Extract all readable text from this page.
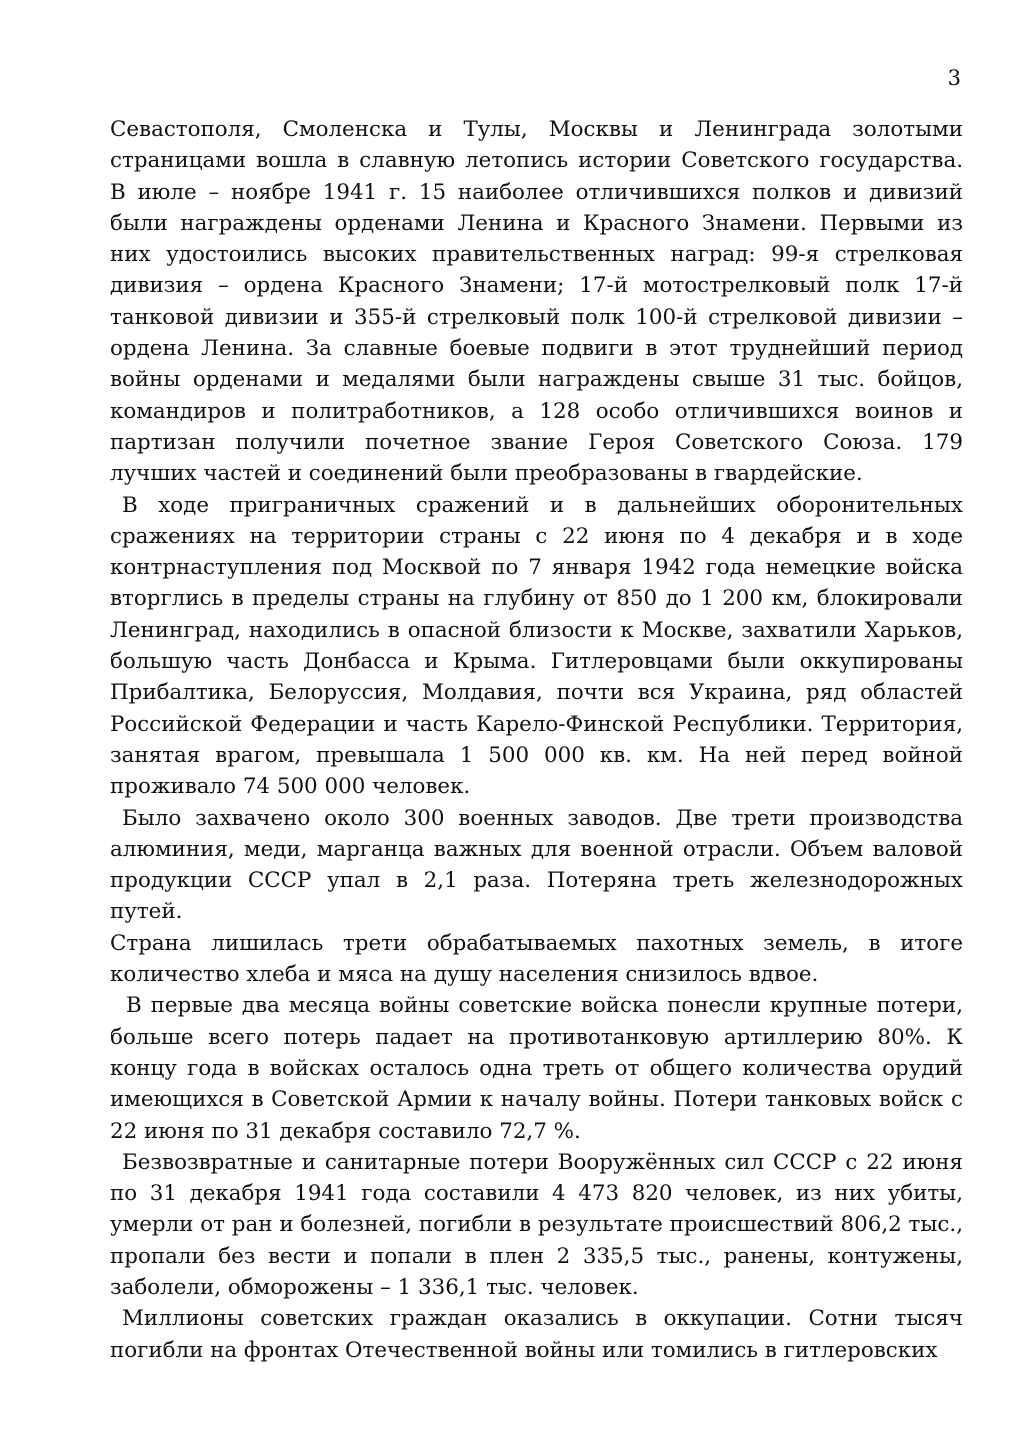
3

Севастополя, Смоленска и Тулы, Москвы и Ленинграда золотыми страницами вошла в славную летопись истории Советского государства. В июле – ноябре 1941 г. 15 наиболее отличившихся полков и дивизий были награждены орденами Ленина и Красного Знамени. Первыми из них удостоились высоких правительственных наград: 99-я стрелковая дивизия – ордена Красного Знамени; 17-й мотострелковый полк 17-й танковой дивизии и 355-й стрелковый полк 100-й стрелковой дивизии – ордена Ленина. За славные боевые подвиги в этот труднейший период войны орденами и медалями были награждены свыше 31 тыс. бойцов, командиров и политработников, а 128 особо отличившихся воинов и партизан получили почетное звание Героя Советского Союза. 179 лучших частей и соединений были преобразованы в гвардейские.

В ходе приграничных сражений и в дальнейших оборонительных сражениях на территории страны с 22 июня по 4 декабря и в ходе контрнаступления под Москвой по 7 января 1942 года немецкие войска вторглись в пределы страны на глубину от 850 до 1 200 км, блокировали Ленинград, находились в опасной близости к Москве, захватили Харьков, большую часть Донбасса и Крыма. Гитлеровцами были оккупированы Прибалтика, Белоруссия, Молдавия, почти вся Украина, ряд областей Российской Федерации и часть Карело-Финской Республики. Территория, занятая врагом, превышала 1 500 000 кв. км. На ней перед войной проживало 74 500 000 человек.

Было захвачено около 300 военных заводов. Две трети производства алюминия, меди, марганца важных для военной отрасли. Объем валовой продукции СССР упал в 2,1 раза. Потеряна треть железнодорожных путей.

Страна лишилась трети обрабатываемых пахотных земель, в итоге количество хлеба и мяса на душу населения снизилось вдвое.

В первые два месяца войны советские войска понесли крупные потери, больше всего потерь падает на противотанковую артиллерию 80%. К концу года в войсках осталось одна треть от общего количества орудий имеющихся в Советской Армии к началу войны. Потери танковых войск с 22 июня по 31 декабря составило 72,7 %.

Безвозвратные и санитарные потери Вооружённых сил СССР с 22 июня по 31 декабря 1941 года составили 4 473 820 человек, из них убиты, умерли от ран и болезней, погибли в результате происшествий 806,2 тыс., пропали без вести и попали в плен 2 335,5 тыс., ранены, контужены, заболели, обморожены – 1 336,1 тыс. человек.

Миллионы советских граждан оказались в оккупации. Сотни тысяч погибли на фронтах Отечественной войны или томились в гитлеровских
